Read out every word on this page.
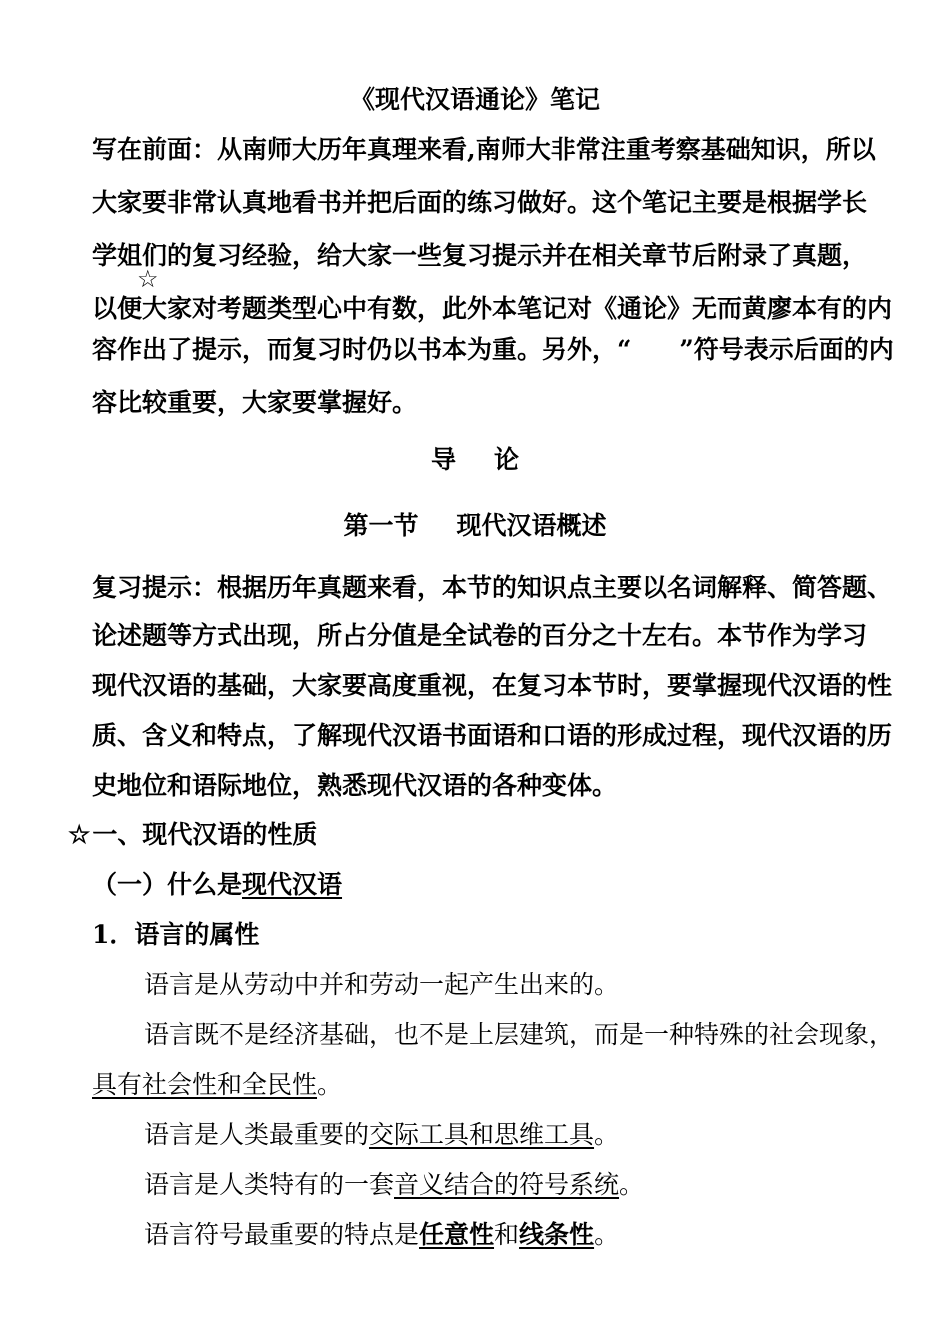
《现代汉语通论》笔记
写在前面：从南师大历年真理来看,南师大非常注重考察基础知识，所以
大家要非常认真地看书并把后面的练习做好。这个笔记主要是根据学长
学姐们的复习经验，给大家一些复习提示并在相关章节后附录了真题，
以便大家对考题类型心中有数，此外本笔记对《通论》无而黄廖本有的内
☆
容作出了提示，而复习时仍以书本为重。另外，“ ”符号表示后面的内
容比较重要，大家要掌握好。
导 论
第一节 现代汉语概述
复习提示：根据历年真题来看，本节的知识点主要以名词解释、简答题、
论述题等方式出现，所占分值是全试卷的百分之十左右。本节作为学习
现代汉语的基础，大家要高度重视，在复习本节时，要掌握现代汉语的性
质、含义和特点，了解现代汉语书面语和口语的形成过程，现代汉语的历
史地位和语际地位，熟悉现代汉语的各种变体。
☆一、现代汉语的性质
（一）什么是现代汉语
1．语言的属性
语言是从劳动中并和劳动一起产生出来的。
语言既不是经济基础，也不是上层建筑，而是一种特殊的社会现象，
具有社会性和全民性。
语言是人类最重要的交际工具和思维工具。
语言是人类特有的一套音义结合的符号系统。
语言符号最重要的特点是任意性和线条性。
